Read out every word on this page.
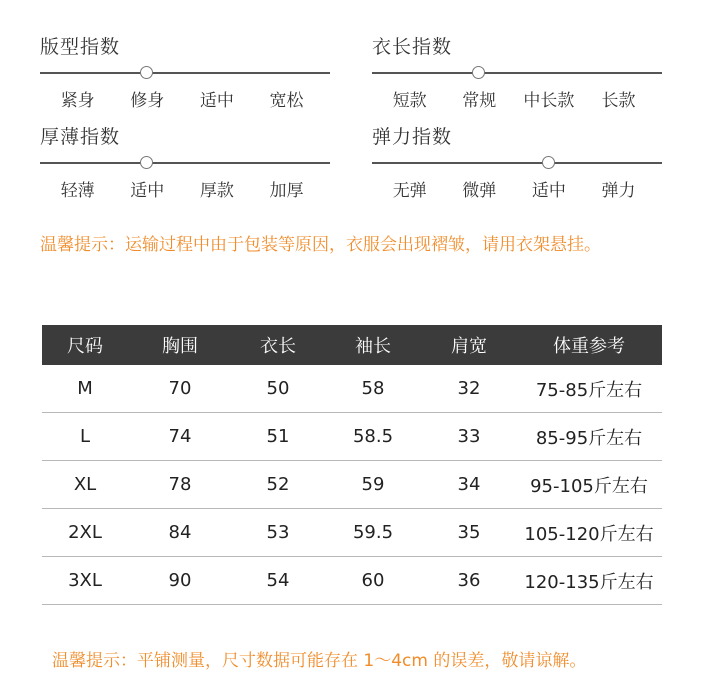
版型指数
紧身	修身	适中	宽松
衣长指数
短款	常规	中长款	长款
厚薄指数
轻薄	适中	厚款	加厚
弹力指数
无弹	微弹	适中	弹力
温馨提示：运输过程中由于包装等原因，衣服会出现褶皱，请用衣架悬挂。
尺码	胸围	衣长	袖长	肩宽	体重参考
M	70	50	58	32	75-85斤左右
L	74	51	58.5	33	85-95斤左右
XL	78	52	59	34	95-105斤左右
2XL	84	53	59.5	35	105-120斤左右
3XL	90	54	60	36	120-135斤左右
温馨提示：平铺测量，尺寸数据可能存在 1～4cm 的误差，敬请谅解。
